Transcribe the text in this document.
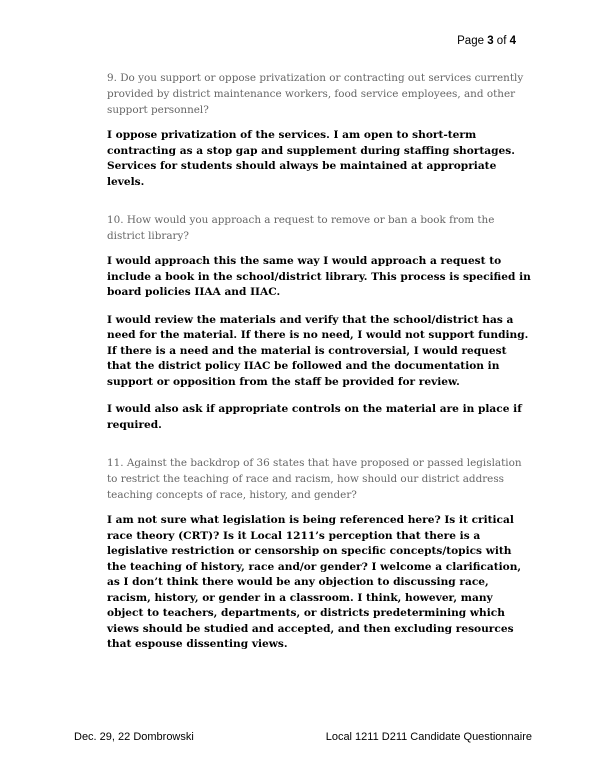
Page 3 of 4

9. Do you support or oppose privatization or contracting out services currently provided by district maintenance workers, food service employees, and other support personnel?

I oppose privatization of the services. I am open to short-term contracting as a stop gap and supplement during staffing shortages. Services for students should always be maintained at appropriate levels.

10. How would you approach a request to remove or ban a book from the district library?

I would approach this the same way I would approach a request to include a book in the school/district library. This process is specified in board policies IIAA and IIAC.

I would review the materials and verify that the school/district has a need for the material. If there is no need, I would not support funding. If there is a need and the material is controversial, I would request that the district policy IIAC be followed and the documentation in support or opposition from the staff be provided for review.

I would also ask if appropriate controls on the material are in place if required.

11. Against the backdrop of 36 states that have proposed or passed legislation to restrict the teaching of race and racism, how should our district address teaching concepts of race, history, and gender?

I am not sure what legislation is being referenced here? Is it critical race theory (CRT)? Is it Local 1211’s perception that there is a legislative restriction or censorship on specific concepts/topics with the teaching of history, race and/or gender? I welcome a clarification, as I don’t think there would be any objection to discussing race, racism, history, or gender in a classroom. I think, however, many object to teachers, departments, or districts predetermining which views should be studied and accepted, and then excluding resources that espouse dissenting views.

Dec. 29, 22 Dombrowski	Local 1211 D211 Candidate Questionnaire
